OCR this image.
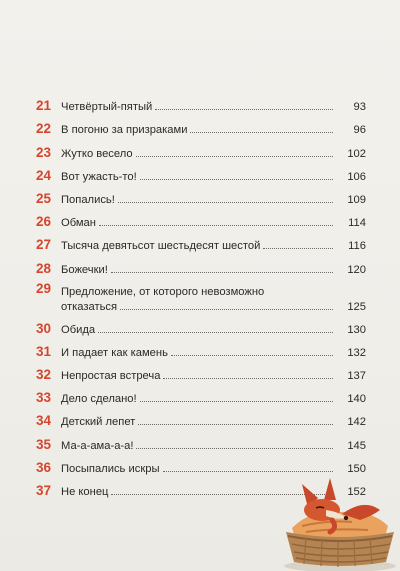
21 Четвёртый-пятый	93
22 В погоню за призраками	96
23 Жутко весело	102
24 Вот ужасть-то!	106
25 Попались!	109
26 Обман	114
27 Тысяча девятьсот шестьдесят шестой	116
28 Божечки!	120
29 Предложение, от которого невозможно
отказаться	125
30 Обида	130
31 И падает как камень	132
32 Непростая встреча	137
33 Дело сделано!	140
34 Детский лепет	142
35 Ма-а-ама-а-а!	145
36 Посыпались искры	150
37 Не конец	152
